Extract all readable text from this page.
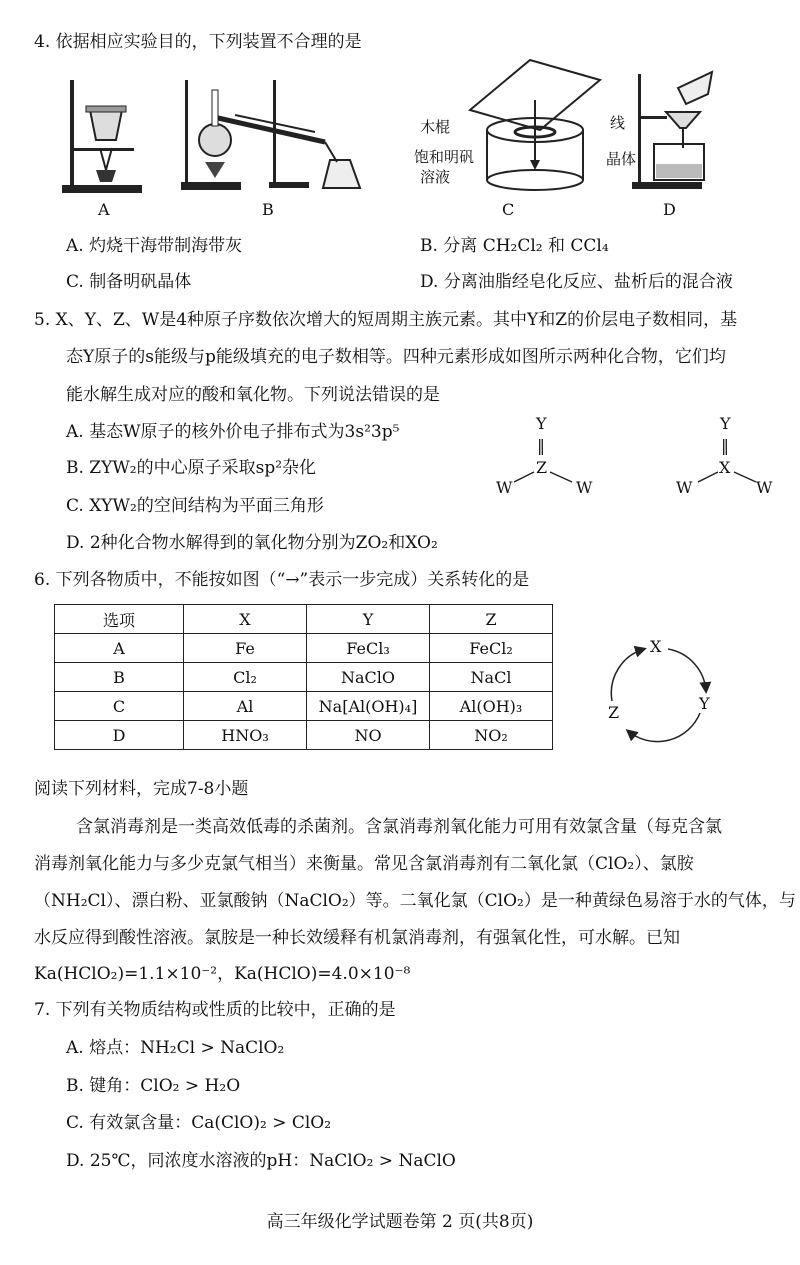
4. 依据相应实验目的，下列装置不合理的是
A	B
木棍	线
饱和明矾
溶液
晶体
C	D
A. 灼烧干海带制海带灰	B. 分离 CH₂Cl₂ 和 CCl₄
C. 制备明矾晶体	D. 分离油脂经皂化反应、盐析后的混合液
5. X、Y、Z、W是4种原子序数依次增大的短周期主族元素。其中Y和Z的价层电子数相同，基
态Y原子的s能级与p能级填充的电子数相等。四种元素形成如图所示两种化合物，它们均
能水解生成对应的酸和氧化物。下列说法错误的是
A. 基态W原子的核外价电子排布式为3s²3p⁵
B. ZYW₂的中心原子采取sp²杂化
C. XYW₂的空间结构为平面三角形
D. 2种化合物水解得到的氧化物分别为ZO₂和XO₂
Y
‖
Z
W	W
Y
‖
X
W	W
6. 下列各物质中，不能按如图（“→”表示一步完成）关系转化的是
选项	X	Y	Z
A	Fe	FeCl₃	FeCl₂
B	Cl₂	NaClO	NaCl
C	Al	Na[Al(OH)₄]	Al(OH)₃
D	HNO₃	NO	NO₂
X
Y
Z
阅读下列材料，完成7-8小题
含氯消毒剂是一类高效低毒的杀菌剂。含氯消毒剂氧化能力可用有效氯含量（每克含氯
消毒剂氧化能力与多少克氯气相当）来衡量。常见含氯消毒剂有二氧化氯（ClO₂）、氯胺
（NH₂Cl）、漂白粉、亚氯酸钠（NaClO₂）等。二氧化氯（ClO₂）是一种黄绿色易溶于水的气体，与
水反应得到酸性溶液。氯胺是一种长效缓释有机氯消毒剂，有强氧化性，可水解。已知
Ka(HClO₂)=1.1×10⁻²，Ka(HClO)=4.0×10⁻⁸
7. 下列有关物质结构或性质的比较中，正确的是
A. 熔点：NH₂Cl > NaClO₂
B. 键角：ClO₂ > H₂O
C. 有效氯含量：Ca(ClO)₂ > ClO₂
D. 25℃，同浓度水溶液的pH：NaClO₂ > NaClO
高三年级化学试题卷第 2 页(共8页)
